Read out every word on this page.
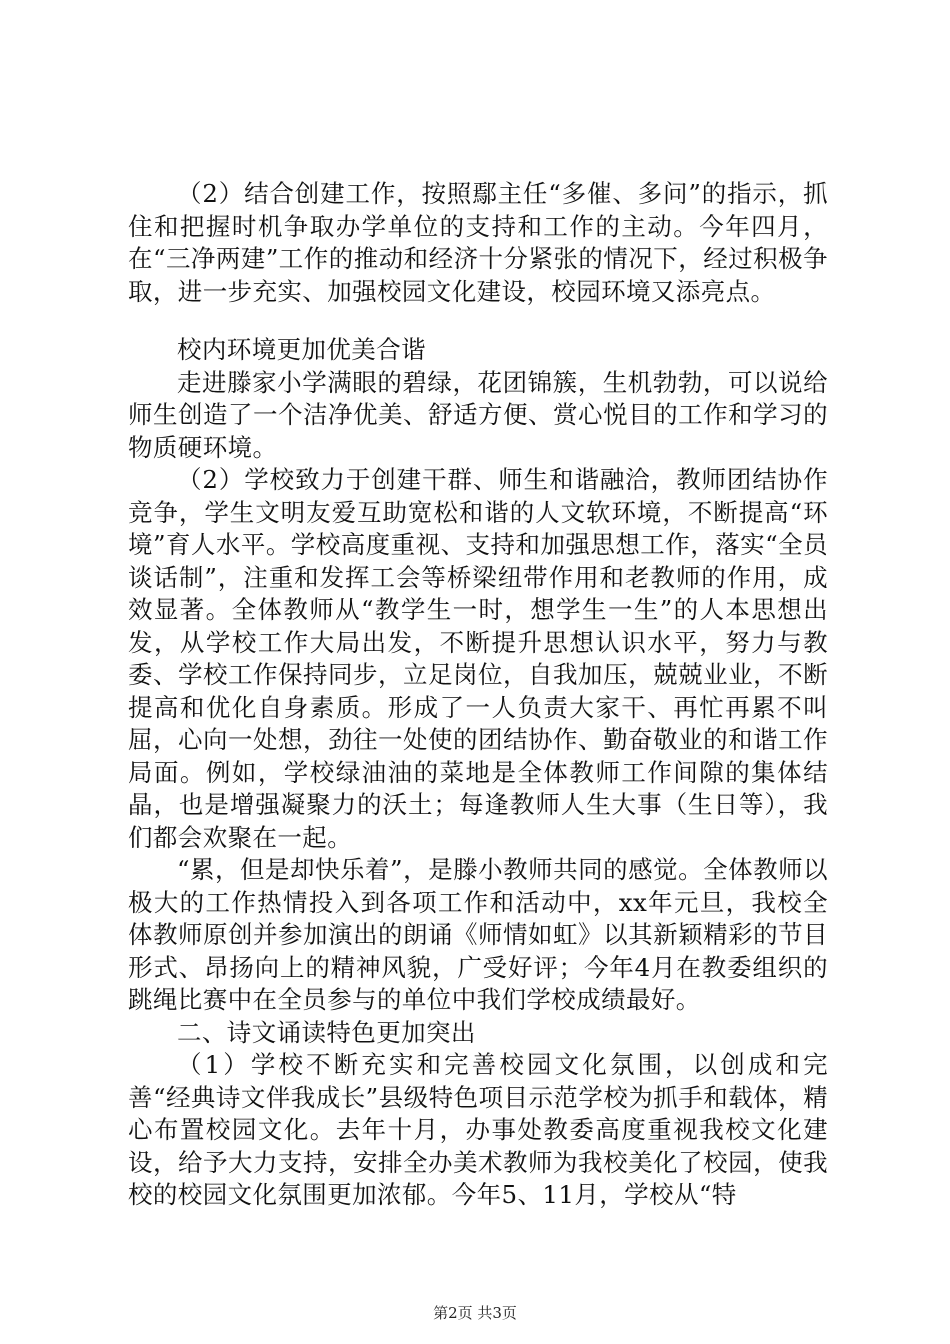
（2）结合创建工作，按照鄢主任“多催、多问”的指示，抓住和把握时机争取办学单位的支持和工作的主动。今年四月，在“三净两建”工作的推动和经济十分紧张的情况下，经过积极争取，进一步充实、加强校园文化建设，校园环境又添亮点。

校内环境更加优美合谐

走进滕家小学满眼的碧绿，花团锦簇，生机勃勃，可以说给师生创造了一个洁净优美、舒适方便、赏心悦目的工作和学习的物质硬环境。

（2）学校致力于创建干群、师生和谐融洽，教师团结协作竞争，学生文明友爱互助宽松和谐的人文软环境，不断提高“环境”育人水平。学校高度重视、支持和加强思想工作，落实“全员谈话制”，注重和发挥工会等桥梁纽带作用和老教师的作用，成效显著。全体教师从“教学生一时，想学生一生”的人本思想出发，从学校工作大局出发，不断提升思想认识水平，努力与教委、学校工作保持同步，立足岗位，自我加压，兢兢业业，不断提高和优化自身素质。形成了一人负责大家干、再忙再累不叫屈，心向一处想，劲往一处使的团结协作、勤奋敬业的和谐工作局面。例如，学校绿油油的菜地是全体教师工作间隙的集体结晶，也是增强凝聚力的沃土；每逢教师人生大事（生日等），我们都会欢聚在一起。

“累，但是却快乐着”，是滕小教师共同的感觉。全体教师以极大的工作热情投入到各项工作和活动中，xx年元旦，我校全体教师原创并参加演出的朗诵《师情如虹》以其新颖精彩的节目形式、昂扬向上的精神风貌，广受好评；今年4月在教委组织的跳绳比赛中在全员参与的单位中我们学校成绩最好。

二、诗文诵读特色更加突出

（1）学校不断充实和完善校园文化氛围，以创成和完善“经典诗文伴我成长”县级特色项目示范学校为抓手和载体，精心布置校园文化。去年十月，办事处教委高度重视我校文化建设，给予大力支持，安排全办美术教师为我校美化了校园，使我校的校园文化氛围更加浓郁。今年5、11月，学校从“特

第2页 共3页
